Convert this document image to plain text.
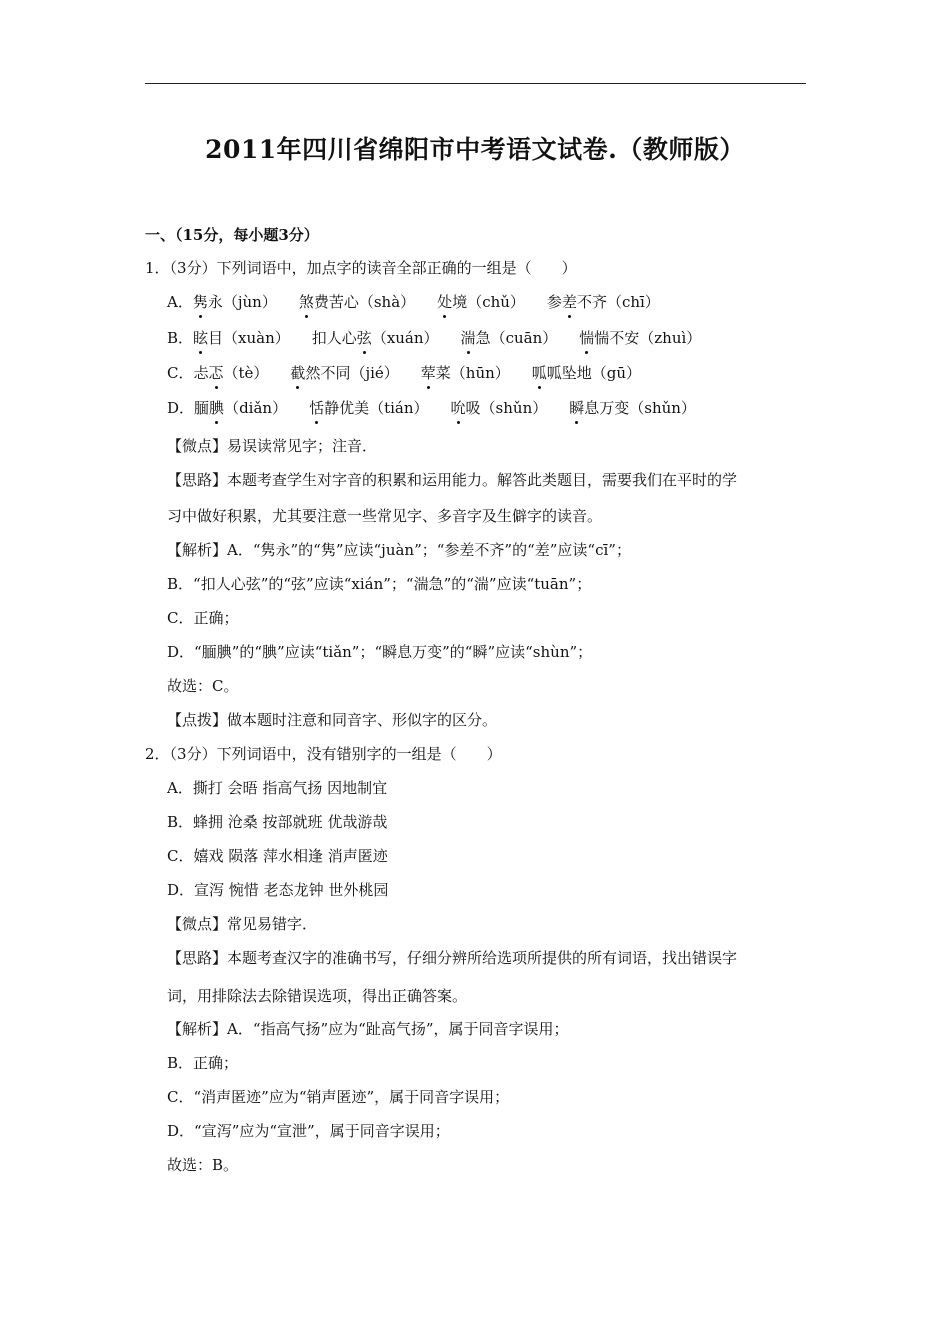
2011年四川省绵阳市中考语文试卷.（教师版）
一、（15分，每小题3分）
1．（3分）下列词语中，加点字的读音全部正确的一组是（　　）
A．隽永（jùn） 煞费苦心（shà） 处境（chǔ） 参差不齐（chī）
B．眩目（xuàn） 扣人心弦（xuán） 湍急（cuān） 惴惴不安（zhuì）
C．忐忑（tè） 截然不同（jié） 荤菜（hūn） 呱呱坠地（gū）
D．腼腆（diǎn） 恬静优美（tián） 吮吸（shǔn） 瞬息万变（shǔn）
【微点】易误读常见字；注音．
【思路】本题考查学生对字音的积累和运用能力。解答此类题目，需要我们在平时的学
习中做好积累，尤其要注意一些常见字、多音字及生僻字的读音。
【解析】A．“隽永”的“隽”应读“juàn”；“参差不齐”的“差”应读“cī”；
B．“扣人心弦”的“弦”应读“xián”；“湍急”的“湍”应读“tuān”；
C．正确；
D．“腼腆”的“腆”应读“tiǎn”；“瞬息万变”的“瞬”应读“shùn”；
故选：C。
【点拨】做本题时注意和同音字、形似字的区分。
2．（3分）下列词语中，没有错别字的一组是（　　）
A．撕打 会晤 指高气扬 因地制宜
B．蜂拥 沧桑 按部就班 优哉游哉
C．嬉戏 陨落 萍水相逢 消声匿迹
D．宣泻 惋惜 老态龙钟 世外桃园
【微点】常见易错字．
【思路】本题考查汉字的准确书写，仔细分辨所给选项所提供的所有词语，找出错误字
词，用排除法去除错误选项，得出正确答案。
【解析】A．“指高气扬”应为“趾高气扬”，属于同音字误用；
B．正确；
C．“消声匿迹”应为“销声匿迹”，属于同音字误用；
D．“宣泻”应为“宣泄”，属于同音字误用；
故选：B。
